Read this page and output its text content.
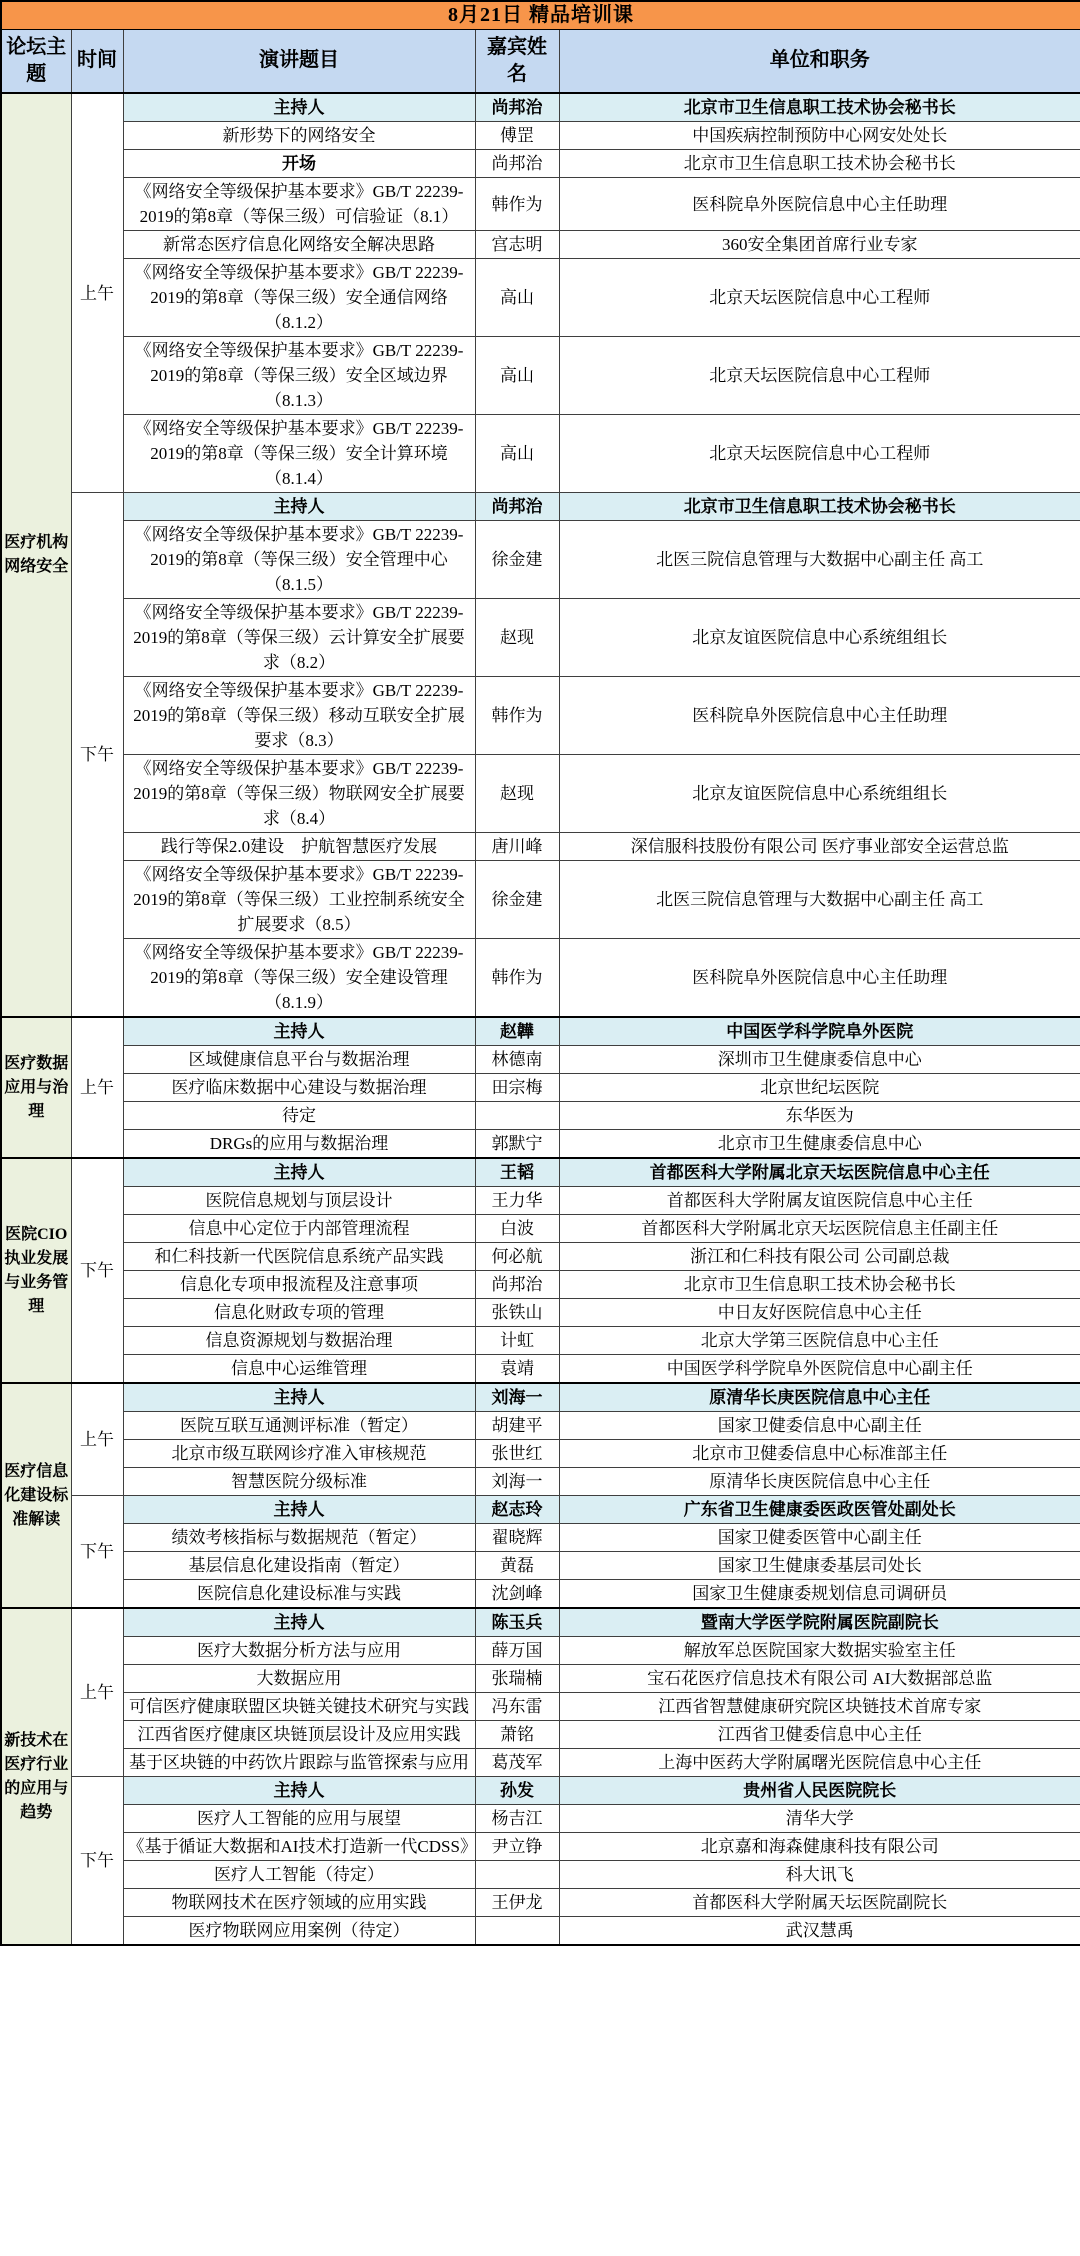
8月21日 精品培训课				
论坛主题	时间	演讲题目	嘉宾姓名	单位和职务
医疗机构网络安全	上午	主持人	尚邦治	北京市卫生信息职工技术协会秘书长
		新形势下的网络安全	傅罡	中国疾病控制预防中心网安处处长
		开场	尚邦治	北京市卫生信息职工技术协会秘书长
		《网络安全等级保护基本要求》GB/T 22239-2019的第8章（等保三级）可信验证（8.1）	韩作为	医科院阜外医院信息中心主任助理
		新常态医疗信息化网络安全解决思路	宫志明	360安全集团首席行业专家
		《网络安全等级保护基本要求》GB/T 22239-2019的第8章（等保三级）安全通信网络（8.1.2）	高山	北京天坛医院信息中心工程师
		《网络安全等级保护基本要求》GB/T 22239-2019的第8章（等保三级）安全区域边界（8.1.3）	高山	北京天坛医院信息中心工程师
		《网络安全等级保护基本要求》GB/T 22239-2019的第8章（等保三级）安全计算环境（8.1.4）	高山	北京天坛医院信息中心工程师
	下午	主持人	尚邦治	北京市卫生信息职工技术协会秘书长
		《网络安全等级保护基本要求》GB/T 22239-2019的第8章（等保三级）安全管理中心（8.1.5）	徐金建	北医三院信息管理与大数据中心副主任 高工
		《网络安全等级保护基本要求》GB/T 22239-2019的第8章（等保三级）云计算安全扩展要求（8.2）	赵现	北京友谊医院信息中心系统组组长
		《网络安全等级保护基本要求》GB/T 22239-2019的第8章（等保三级）移动互联安全扩展要求（8.3）	韩作为	医科院阜外医院信息中心主任助理
		《网络安全等级保护基本要求》GB/T 22239-2019的第8章（等保三级）物联网安全扩展要求（8.4）	赵现	北京友谊医院信息中心系统组组长
		践行等保2.0建设　护航智慧医疗发展	唐川峰	深信服科技股份有限公司 医疗事业部安全运营总监
		《网络安全等级保护基本要求》GB/T 22239-2019的第8章（等保三级）工业控制系统安全扩展要求（8.5）	徐金建	北医三院信息管理与大数据中心副主任 高工
		《网络安全等级保护基本要求》GB/T 22239-2019的第8章（等保三级）安全建设管理（8.1.9）	韩作为	医科院阜外医院信息中心主任助理
医疗数据应用与治理	上午	主持人	赵韡	中国医学科学院阜外医院
		区域健康信息平台与数据治理	林德南	深圳市卫生健康委信息中心
		医疗临床数据中心建设与数据治理	田宗梅	北京世纪坛医院
		待定		东华医为
		DRGs的应用与数据治理	郭默宁	北京市卫生健康委信息中心
医院CIO执业发展与业务管理	下午	主持人	王韬	首都医科大学附属北京天坛医院信息中心主任
		医院信息规划与顶层设计	王力华	首都医科大学附属友谊医院信息中心主任
		信息中心定位于内部管理流程	白波	首都医科大学附属北京天坛医院信息主任副主任
		和仁科技新一代医院信息系统产品实践	何必航	浙江和仁科技有限公司 公司副总裁
		信息化专项申报流程及注意事项	尚邦治	北京市卫生信息职工技术协会秘书长
		信息化财政专项的管理	张铁山	中日友好医院信息中心主任
		信息资源规划与数据治理	计虹	北京大学第三医院信息中心主任
		信息中心运维管理	袁靖	中国医学科学院阜外医院信息中心副主任
医疗信息化建设标准解读	上午	主持人	刘海一	原清华长庚医院信息中心主任
		医院互联互通测评标准（暂定）	胡建平	国家卫健委信息中心副主任
		北京市级互联网诊疗准入审核规范	张世红	北京市卫健委信息中心标准部主任
		智慧医院分级标准	刘海一	原清华长庚医院信息中心主任
	下午	主持人	赵志玲	广东省卫生健康委医政医管处副处长
		绩效考核指标与数据规范（暂定）	翟晓辉	国家卫健委医管中心副主任
		基层信息化建设指南（暂定）	黄磊	国家卫生健康委基层司处长
		医院信息化建设标准与实践	沈剑峰	国家卫生健康委规划信息司调研员
新技术在医疗行业的应用与趋势	上午	主持人	陈玉兵	暨南大学医学院附属医院副院长
		医疗大数据分析方法与应用	薛万国	解放军总医院国家大数据实验室主任
		大数据应用	张瑞楠	宝石花医疗信息技术有限公司 AI大数据部总监
		可信医疗健康联盟区块链关键技术研究与实践	冯东雷	江西省智慧健康研究院区块链技术首席专家
		江西省医疗健康区块链顶层设计及应用实践	萧铭	江西省卫健委信息中心主任
		基于区块链的中药饮片跟踪与监管探索与应用	葛茂军	上海中医药大学附属曙光医院信息中心主任
	下午	主持人	孙发	贵州省人民医院院长
		医疗人工智能的应用与展望	杨吉江	清华大学
		《基于循证大数据和AI技术打造新一代CDSS》	尹立铮	北京嘉和海森健康科技有限公司
		医疗人工智能（待定）		科大讯飞
		物联网技术在医疗领域的应用实践	王伊龙	首都医科大学附属天坛医院副院长
		医疗物联网应用案例（待定）		武汉慧禹
